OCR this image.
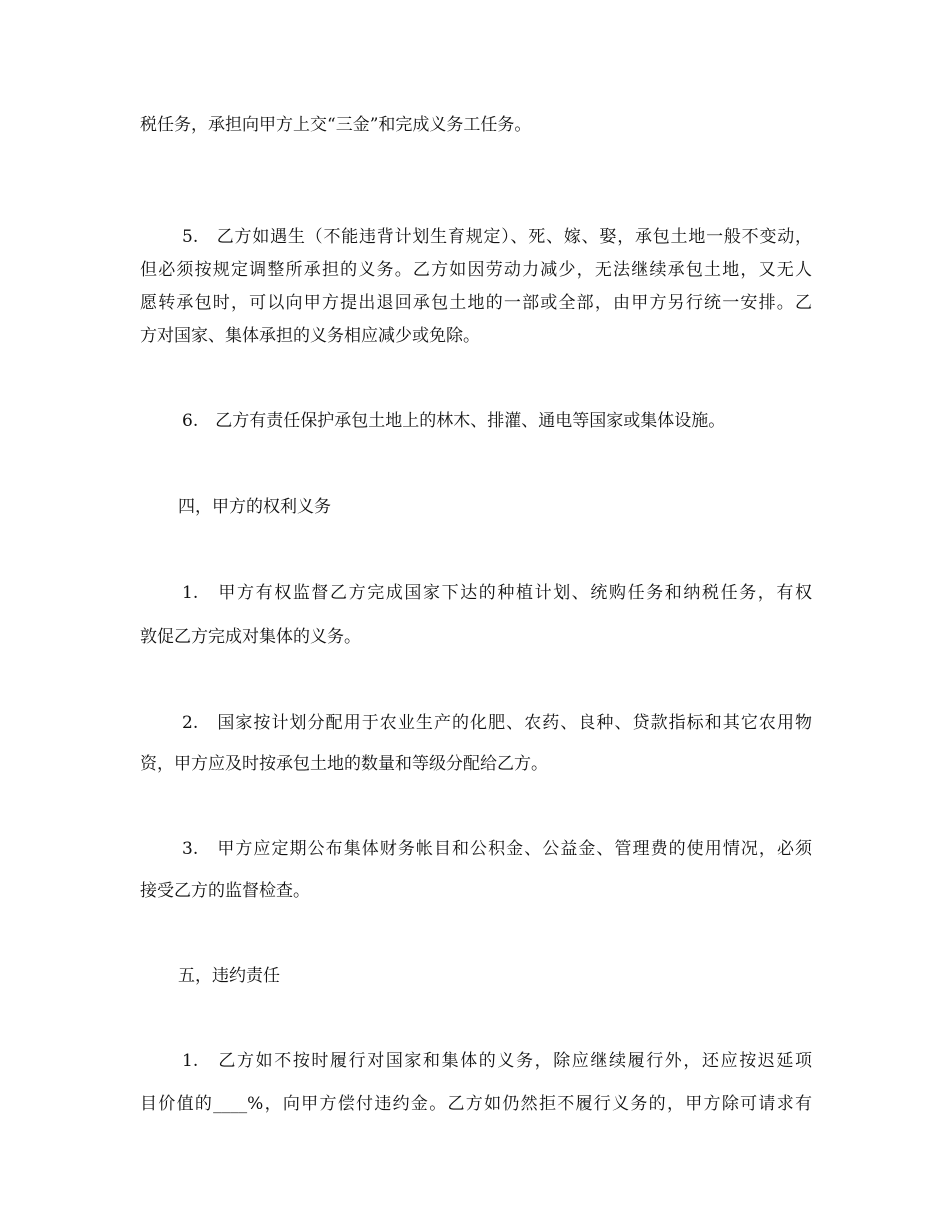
税任务，承担向甲方上交“三金”和完成义务工任务。
5.　乙方如遇生（不能违背计划生育规定）、死、嫁、娶，承包土地一般不变动，
但必须按规定调整所承担的义务。乙方如因劳动力减少，无法继续承包土地，又无人
愿转承包时，可以向甲方提出退回承包土地的一部或全部，由甲方另行统一安排。乙
方对国家、集体承担的义务相应减少或免除。
6.　乙方有责任保护承包土地上的林木、排灌、通电等国家或集体设施。
四，甲方的权利义务
1.　甲方有权监督乙方完成国家下达的种植计划、统购任务和纳税任务，有权
敦促乙方完成对集体的义务。
2.　国家按计划分配用于农业生产的化肥、农药、良种、贷款指标和其它农用物
资，甲方应及时按承包土地的数量和等级分配给乙方。
3.　甲方应定期公布集体财务帐目和公积金、公益金、管理费的使用情况，必须
接受乙方的监督检查。
五，违约责任
1.　乙方如不按时履行对国家和集体的义务，除应继续履行外，还应按迟延项
目价值的____%，向甲方偿付违约金。乙方如仍然拒不履行义务的，甲方除可请求有
